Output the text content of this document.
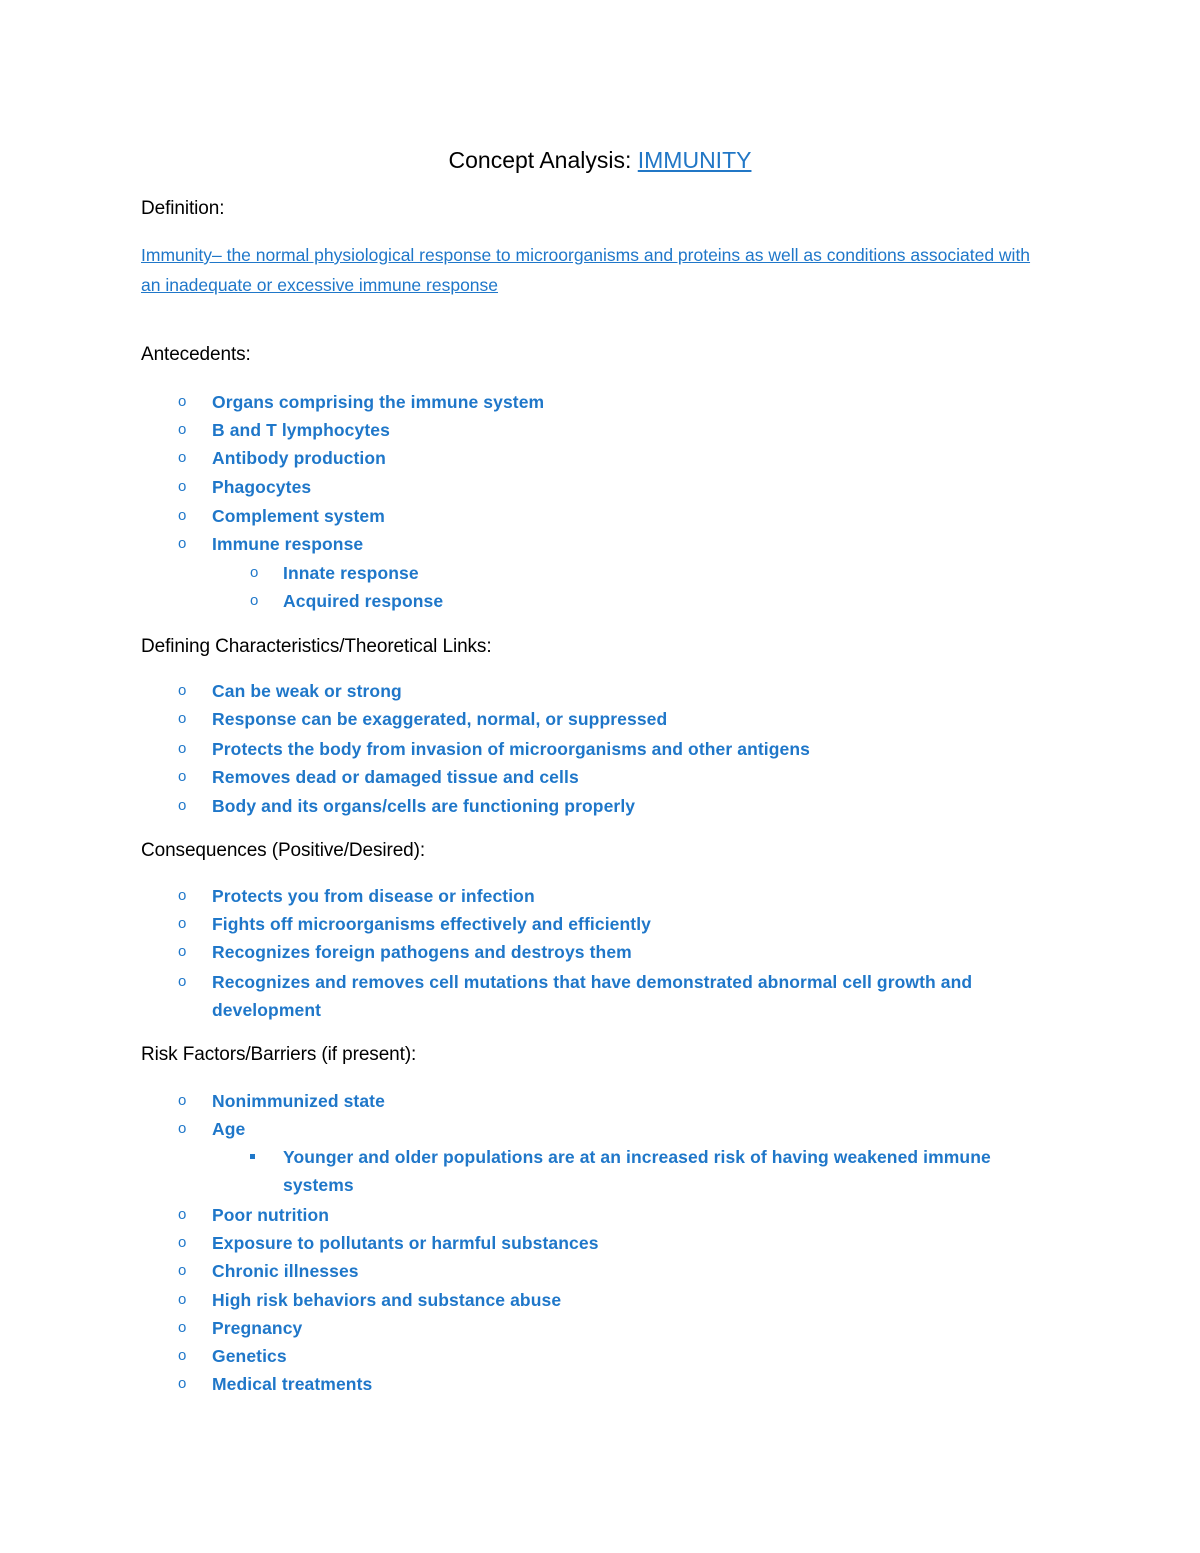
Concept Analysis: IMMUNITY
Definition:
Immunity– the normal physiological response to microorganisms and proteins as well as conditions associated with an inadequate or excessive immune response
Antecedents:
o Organs comprising the immune system
o B and T lymphocytes
o Antibody production
o Phagocytes
o Complement system
o Immune response
o Innate response
o Acquired response
Defining Characteristics/Theoretical Links:
o Can be weak or strong
o Response can be exaggerated, normal, or suppressed
o Protects the body from invasion of microorganisms and other antigens
o Removes dead or damaged tissue and cells
o Body and its organs/cells are functioning properly
Consequences (Positive/Desired):
o Protects you from disease or infection
o Fights off microorganisms effectively and efficiently
o Recognizes foreign pathogens and destroys them
o Recognizes and removes cell mutations that have demonstrated abnormal cell growth and
development
Risk Factors/Barriers (if present):
o Nonimmunized state
o Age
Younger and older populations are at an increased risk of having weakened immune
systems
o Poor nutrition
o Exposure to pollutants or harmful substances
o Chronic illnesses
o High risk behaviors and substance abuse
o Pregnancy
o Genetics
o Medical treatments
